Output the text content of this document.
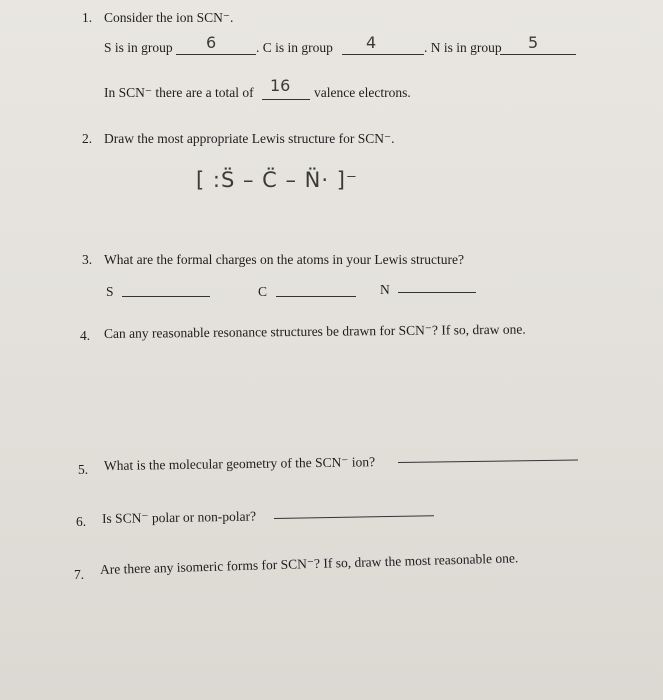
1. Consider the ion SCN⁻.
S is in group 6	. C is in group 4	. N is in group 5
In SCN⁻ there are a total of 16 valence electrons.
2. Draw the most appropriate Lewis structure for SCN⁻.
[ :S̈ – C̈ – N̈· ]⁻
3. What are the formal charges on the atoms in your Lewis structure?
S	C	N
4. Can any reasonable resonance structures be drawn for SCN⁻? If so, draw one.
5. What is the molecular geometry of the SCN⁻ ion?
6. Is SCN⁻ polar or non-polar?
7. Are there any isomeric forms for SCN⁻? If so, draw the most reasonable one.
